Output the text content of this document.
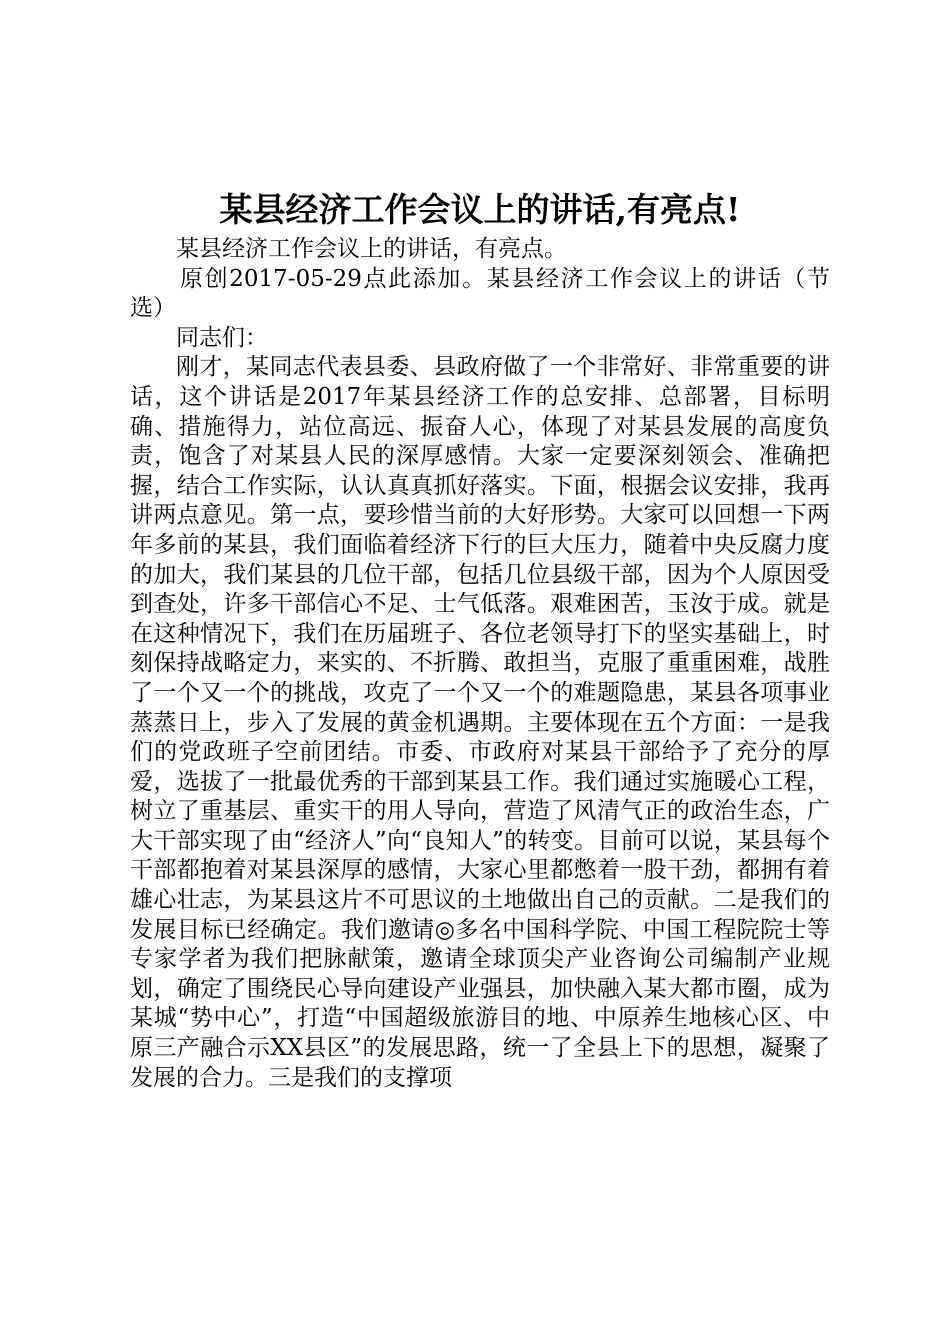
某县经济工作会议上的讲话,有亮点!

某县经济工作会议上的讲话，有亮点。

原创2017-05-29点此添加。某县经济工作会议上的讲话（节选）

同志们：

刚才，某同志代表县委、县政府做了一个非常好、非常重要的讲话，这个讲话是2017年某县经济工作的总安排、总部署，目标明确、措施得力，站位高远、振奋人心，体现了对某县发展的高度负责，饱含了对某县人民的深厚感情。大家一定要深刻领会、准确把握，结合工作实际，认认真真抓好落实。下面，根据会议安排，我再讲两点意见。第一点，要珍惜当前的大好形势。大家可以回想一下两年多前的某县，我们面临着经济下行的巨大压力，随着中央反腐力度的加大，我们某县的几位干部，包括几位县级干部，因为个人原因受到查处，许多干部信心不足、士气低落。艰难困苦，玉汝于成。就是在这种情况下，我们在历届班子、各位老领导打下的坚实基础上，时刻保持战略定力，来实的、不折腾、敢担当，克服了重重困难，战胜了一个又一个的挑战，攻克了一个又一个的难题隐患，某县各项事业蒸蒸日上，步入了发展的黄金机遇期。主要体现在五个方面：一是我们的党政班子空前团结。市委、市政府对某县干部给予了充分的厚爱，选拔了一批最优秀的干部到某县工作。我们通过实施暖心工程，树立了重基层、重实干的用人导向，营造了风清气正的政治生态，广大干部实现了由“经济人”向“良知人”的转变。目前可以说，某县每个干部都抱着对某县深厚的感情，大家心里都憋着一股干劲，都拥有着雄心壮志，为某县这片不可思议的土地做出自己的贡献。二是我们的发展目标已经确定。我们邀请◎多名中国科学院、中国工程院院士等专家学者为我们把脉献策，邀请全球顶尖产业咨询公司编制产业规划，确定了围绕民心导向建设产业强县，加快融入某大都市圈，成为某城“势中心”，打造“中国超级旅游目的地、中原养生地核心区、中原三产融合示XX县区”的发展思路，统一了全县上下的思想，凝聚了发展的合力。三是我们的支撑项
